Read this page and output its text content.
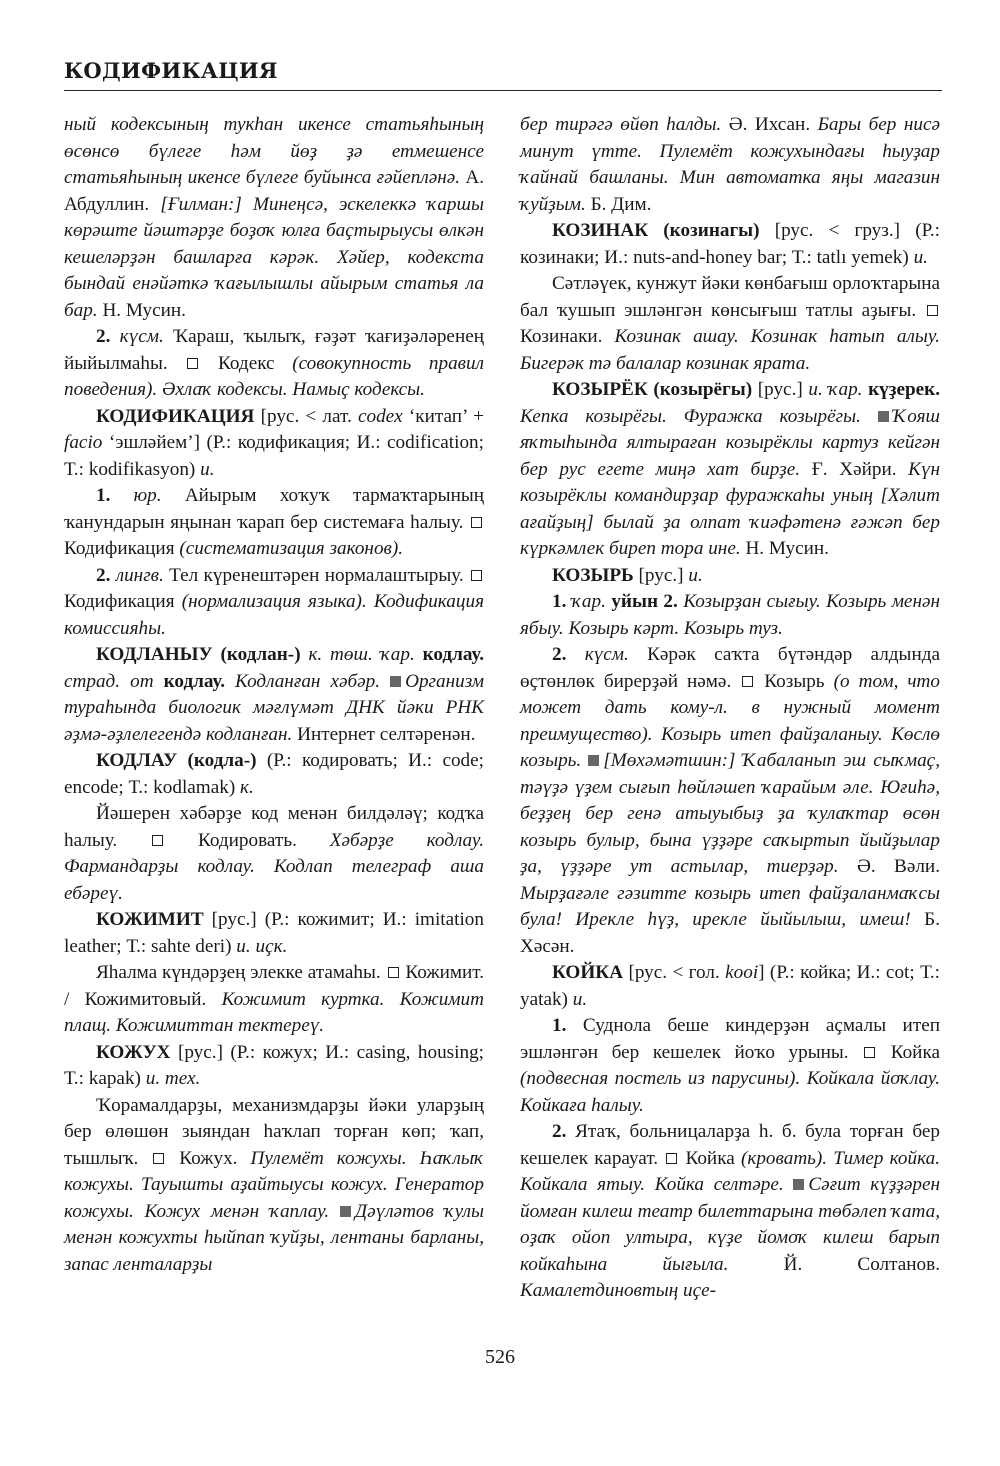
КОДИФИКАЦИЯ

ный кодексының тукһан икенсе статьяһының өсөнсө бүлеге һәм йөҙ ҙә етмешенсе статьяһының икенсе бүлеге буйынса ғәйепләнә. А. Абдуллин. [Ғилман:] Минеңсә, эскелеккә ҡаршы көрәште йәштәрҙе боҙоҡ юлға баҫтырыусы өлкән кешеләрҙән башларға кәрәк. Хәйер, кодекста бындай енәйәткә ҡағылышлы айырым статья ла бар. Н. Мусин.

2. күсм. Ҡараш, ҡылыҡ, ғәҙәт ҡағиҙәләренең йыйылмаһы.  Кодекс (совокупность правил поведения). Әхлаҡ кодексы. Намыҫ кодексы.

КОДИФИКАЦИЯ [рус. < лат. codex ‘китап’ + facio ‘эшләйем’] (Р.: кодификация; И.: codification; Т.: kodifikasyon) и.

1. юр. Айырым хоҡуҡ тармаҡтарының ҡанундарын яңынан ҡарап бер системаға һалыу.  Кодификация (систематизация законов).

2. лингв. Тел күренештәрен нормалаштырыу.  Кодификация (нормализация языка). Кодификация комиссияһы.

КОДЛАНЫУ (кодлан-) к. төш. ҡар. кодлау. страд. от кодлау. Кодланған хәбәр. Организм тураһында биологик мәғлүмәт ДНК йәки РНК әҙмә-әҙлелегендә кодланған. Интернет селтәренән.

КОДЛАУ (кодла-) (Р.: кодировать; И.: code; encode; Т.: kodlamak) к.

Йәшерен хәбәрҙе код менән билдәләү; кодҡа һалыу.  Кодировать. Хәбәрҙе кодлау. Фармандарҙы кодлау. Кодлап телеграф аша ебәреү.

КОЖИМИТ [рус.] (Р.: кожимит; И.: imitation leather; Т.: sahte deri) и. иҫк.

Яһалма күндәрҙең элекке атамаһы.  Кожимит. / Кожимитовый. Кожимит куртка. Кожимит плащ. Кожимиттан тектереү.

КОЖУХ [рус.] (Р.: кожух; И.: casing, housing; Т.: kapak) и. тех.

Ҡорамалдарҙы, механизмдарҙы йәки уларҙың бер өлөшөн зыяндан һаҡлап торған көп; ҡап, тышлыҡ.  Кожух. Пулемёт кожухы. Һаҡлыҡ кожухы. Тауышты аҙайтыусы кожух. Генератор кожухы. Кожух менән ҡаплау. Дәүләтов ҡулы менән кожухты һыйпап ҡуйҙы, лентаны барланы, запас ленталарҙы

бер тирәгә өйөп һалды. Ә. Ихсан. Бары бер нисә минут үтте. Пулемёт кожухындағы һыуҙар ҡайнай башланы. Мин автоматка яңы магазин ҡуйҙым. Б. Дим.

КОЗИНАК (козинагы) [рус. < груз.] (Р.: козинаки; И.: nuts-and-honey bar; Т.: tatlı yemek) и.

Сәтләүек, кунжут йәки көнбағыш орлоҡтарына бал ҡушып эшләнгән көнсығыш татлы аҙығы.  Козинаки. Козинак ашау. Козинак һатып алыу. Бигерәк тә балалар козинак ярата.

КОЗЫРЁК (козырёгы) [рус.] и. ҡар. күҙерек. Кепка козырёгы. Фуражка козырёгы. Ҡояш яҡтыһында ялтыраған козырёклы картуз кейгән бер рус егете миңә хат бирҙе. Ғ. Хәйри. Күн козырёклы командирҙар фуражкаһы уның [Хәлит ағайҙың] былай ҙа олпат ҡиәфәтенә ғәжәп бер күркәмлек биреп тора ине. Н. Мусин.

КОЗЫРЬ [рус.] и.

1. ҡар. уйын 2. Козырҙан сығыу. Козырь менән ябыу. Козырь кәрт. Козырь туз.

2. күсм. Кәрәк саҡта бүтәндәр алдында өҫтөнлөк бирерҙәй нәмә.  Козырь (о том, что может дать кому-л. в нужный момент преимущество). Козырь итеп файҙаланыу. Көслө козырь. [Мөхәмәтшин:] Ҡабаланып эш сыҡмаҫ, тәүҙә үҙем сығып һөйләшеп ҡарайым әле. Юғиһә, беҙҙең бер генә атыуыбыҙ ҙа ҡулаҡтар өсөн козырь булыр, бына үҙҙәре саҡыртып йыйҙылар ҙа, үҙҙәре ут астылар, тиерҙәр. Ә. Вәли. Мырҙағәле гәзитте козырь итеп файҙаланмаҡсы була! Ирекле һүҙ, ирекле йыйылыш, имеш! Б. Хәсән.

КОЙКА [рус. < гол. kooi] (Р.: койка; И.: cot; Т.: yatak) и.

1. Суднола беше киндерҙән аҫмалы итеп эшләнгән бер кешелек йоҡо урыны.  Койка (подвесная постель из парусины). Койкала йоҡлау. Койкаға һалыу.

2. Ятаҡ, больницаларҙа һ. б. була торған бер кешелек карауат.  Койка (кровать). Тимер койка. Койкала ятыу. Койка селтәре. Сәғит күҙҙәрен йомған килеш театр билеттарына төбәлеп ҡата, оҙаҡ ойоп ултыра, күҙе йомоҡ килеш барып койкаһына йығыла. Й. Солтанов. Камалетдиновтың иҫе-

526
